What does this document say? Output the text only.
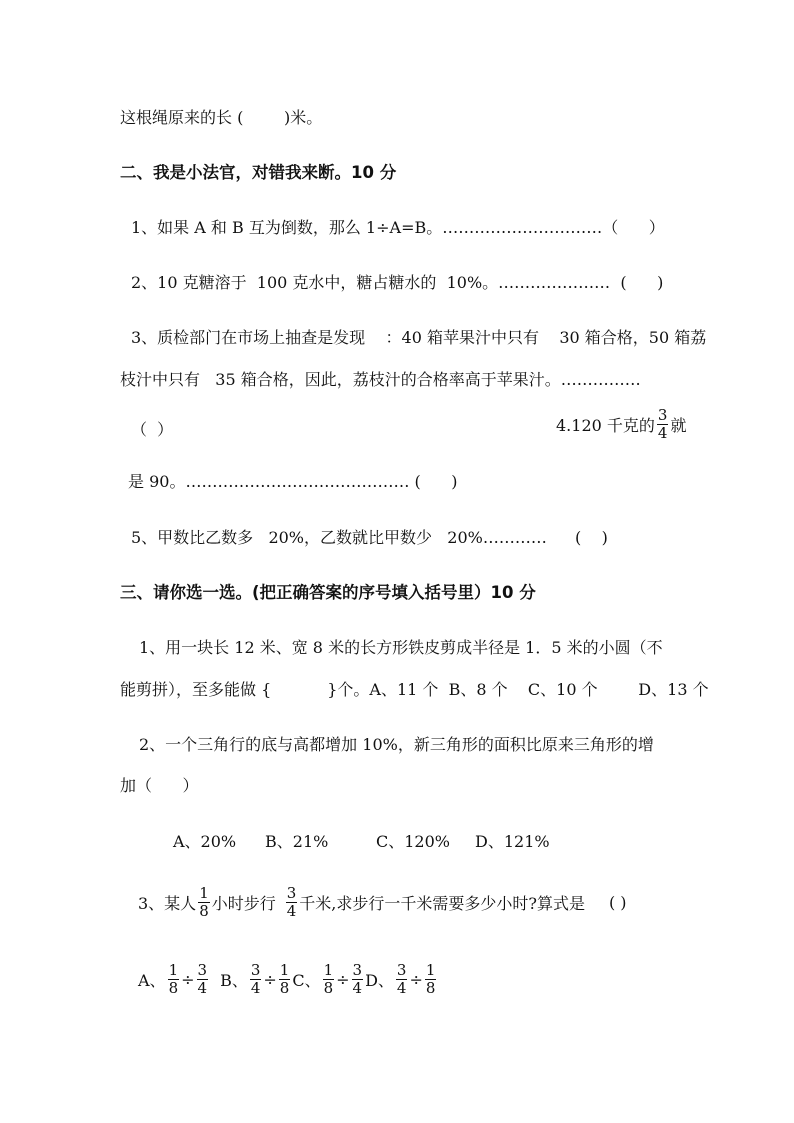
这根绳原来的长 (        )米。
二、我是小法官，对错我来断。10 分
1、如果 A 和 B 互为倒数，那么 1÷A=B。…………………………（      ）
2、10 克糖溶于  100 克水中，糖占糖水的  10%。…………………  (      )
3、质检部门在市场上抽查是发现    ：40 箱苹果汁中只有    30 箱合格，50 箱荔
枝汁中只有   35 箱合格，因此，荔枝汁的合格率高于苹果汁。……………
（  ）	4.120 千克的 $\frac{3}{4}$ 就
是 90。…………………………………… (      )
5、甲数比乙数多   20%，乙数就比甲数少   20%………… (    )
三、请你选一选。(把正确答案的序号填入括号里）10 分
1、用一块长 12 米、宽 8 米的长方形铁皮剪成半径是 1．5 米的小圆（不
能剪拼），至多能做 {           }个。A、11 个  B、8 个    C、10 个        D、13 个
2、一个三角行的底与高都增加 10%，新三角形的面积比原来三角形的增
加（      ）
A、20% B、21%	C、120% D、121%
3、某人 $\frac{1}{8}$ 小时步行 $\frac{3}{4}$ 千米,求步行一千米需要多少小时?算式是 ( )
A、 $\frac{1}{8} \div \frac{3}{4}$ B、 $\frac{3}{4} \div \frac{1}{8}$ C、 $\frac{1}{8} \div \frac{3}{4}$ D、 $\frac{3}{4} \div \frac{1}{8}$
